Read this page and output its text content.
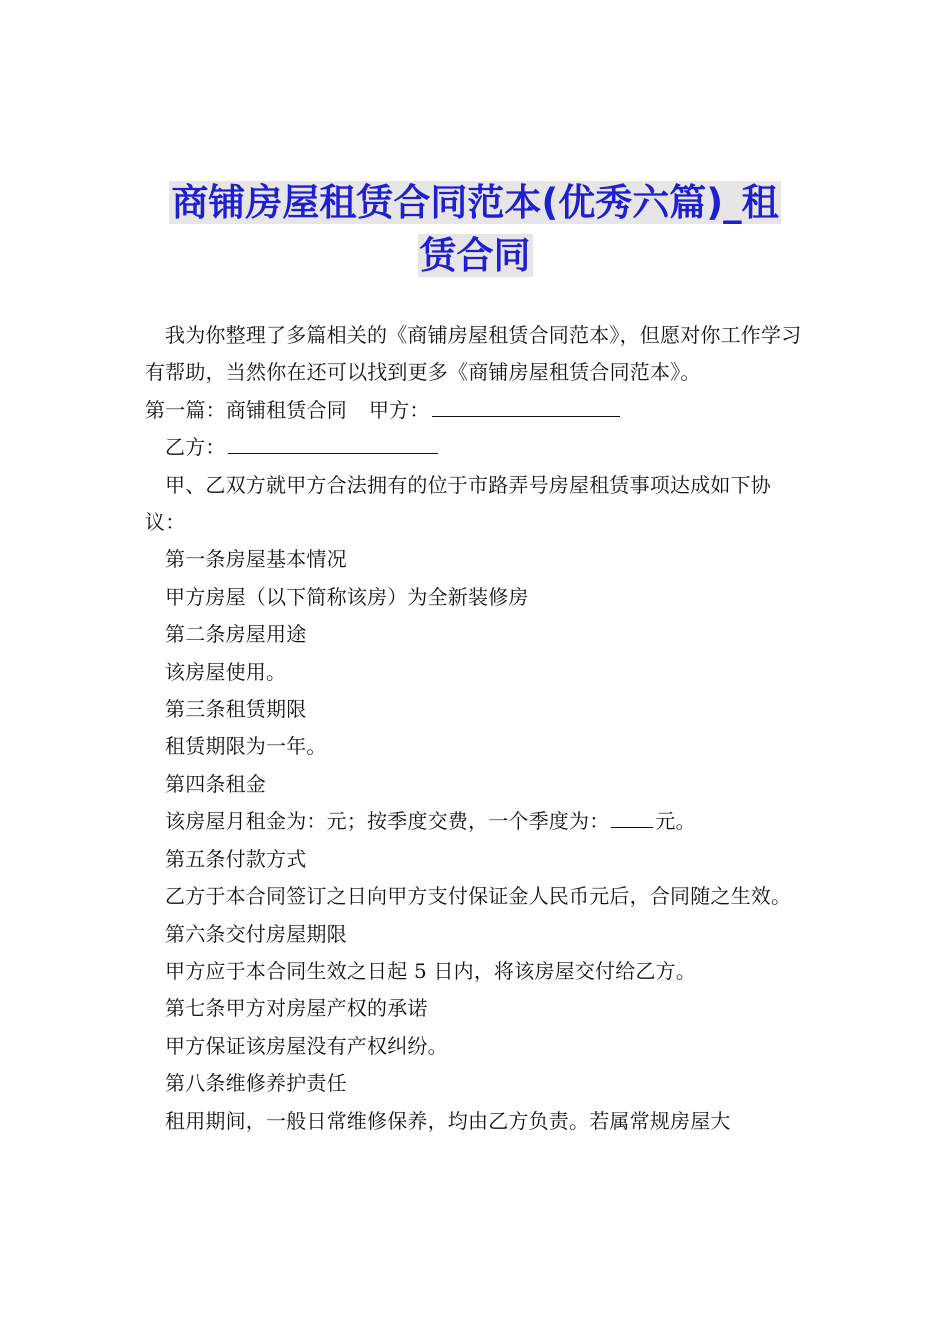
商铺房屋租赁合同范本(优秀六篇)_租
赁合同

我为你整理了多篇相关的《商铺房屋租赁合同范本》，但愿对你工作学习有帮助，当然你在还可以找到更多《商铺房屋租赁合同范本》。

第一篇：商铺租赁合同 甲方：

乙方：

甲、乙双方就甲方合法拥有的位于市路弄号房屋租赁事项达成如下协议：

第一条房屋基本情况

甲方房屋（以下简称该房）为全新装修房

第二条房屋用途

该房屋使用。

第三条租赁期限

租赁期限为一年。

第四条租金

该房屋月租金为：元；按季度交费，一个季度为： 元。

第五条付款方式

乙方于本合同签订之日向甲方支付保证金人民币元后，合同随之生效。

第六条交付房屋期限

甲方应于本合同生效之日起 5 日内，将该房屋交付给乙方。

第七条甲方对房屋产权的承诺

甲方保证该房屋没有产权纠纷。

第八条维修养护责任

租用期间，一般日常维修保养，均由乙方负责。若属常规房屋大
